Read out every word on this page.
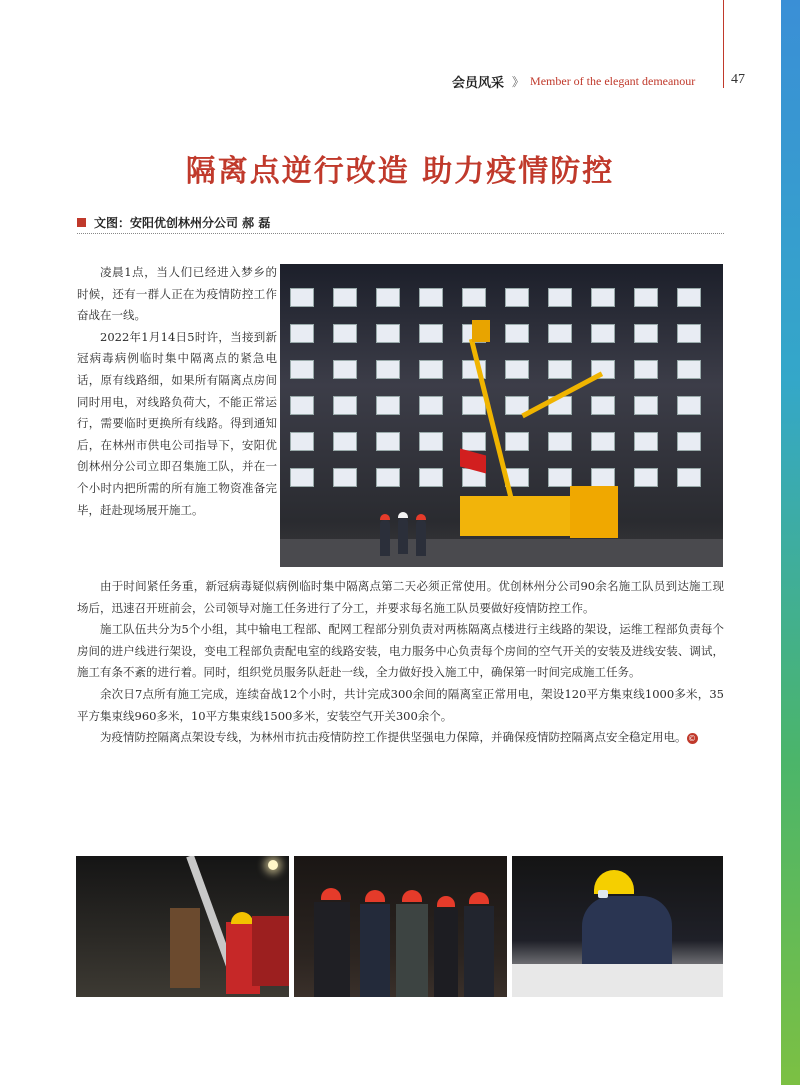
会员风采 》 Member of the elegant demeanour	47
隔离点逆行改造 助力疫情防控
文图：安阳优创林州分公司 郝 磊

凌晨1点，当人们已经进入梦乡的时候，还有一群人正在为疫情防控工作奋战在一线。

2022年1月14日5时许，当接到新冠病毒病例临时集中隔离点的紧急电话，原有线路细，如果所有隔离点房间同时用电，对线路负荷大，不能正常运行，需要临时更换所有线路。得到通知后，在林州市供电公司指导下，安阳优创林州分公司立即召集施工队，并在一个小时内把所需的所有施工物资准备完毕，赶赴现场展开施工。

由于时间紧任务重，新冠病毒疑似病例临时集中隔离点第二天必须正常使用。优创林州分公司90余名施工队员到达施工现场后，迅速召开班前会，公司领导对施工任务进行了分工，并要求每名施工队员要做好疫情防控工作。

施工队伍共分为5个小组，其中输电工程部、配网工程部分别负责对两栋隔离点楼进行主线路的架设，运维工程部负责每个房间的进户线进行架设，变电工程部负责配电室的线路安装，电力服务中心负责每个房间的空气开关的安装及进线安装、调试，施工有条不紊的进行着。同时，组织党员服务队赶赴一线，全力做好投入施工中，确保第一时间完成施工任务。

余次日7点所有施工完成，连续奋战12个小时，共计完成300余间的隔离室正常用电，架设120平方集束线1000多米，35平方集束线960多米，10平方集束线1500多米，安装空气开关300余个。

为疫情防控隔离点架设专线，为林州市抗击疫情防控工作提供坚强电力保障，并确保疫情防控隔离点安全稳定用电。 ©
